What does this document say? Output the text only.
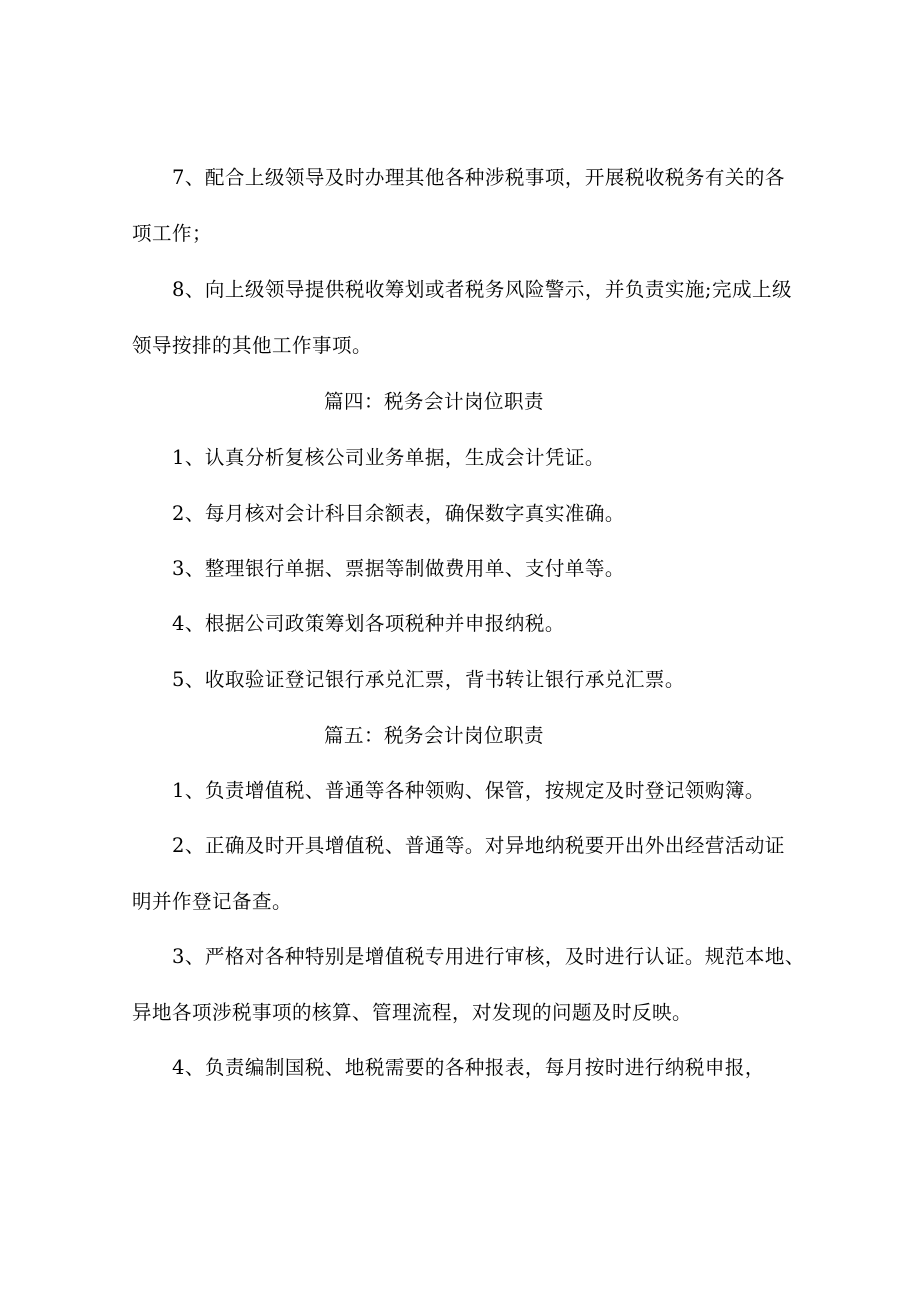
7、配合上级领导及时办理其他各种涉税事项，开展税收税务有关的各
项工作；
8、向上级领导提供税收筹划或者税务风险警示，并负责实施;完成上级
领导按排的其他工作事项。
篇四：税务会计岗位职责
1、认真分析复核公司业务单据，生成会计凭证。
2、每月核对会计科目余额表，确保数字真实准确。
3、整理银行单据、票据等制做费用单、支付单等。
4、根据公司政策筹划各项税种并申报纳税。
5、收取验证登记银行承兑汇票，背书转让银行承兑汇票。
篇五：税务会计岗位职责
1、负责增值税、普通等各种领购、保管，按规定及时登记领购簿。
2、正确及时开具增值税、普通等。对异地纳税要开出外出经营活动证
明并作登记备查。
3、严格对各种特别是增值税专用进行审核，及时进行认证。规范本地、
异地各项涉税事项的核算、管理流程，对发现的问题及时反映。
4、负责编制国税、地税需要的各种报表，每月按时进行纳税申报，
